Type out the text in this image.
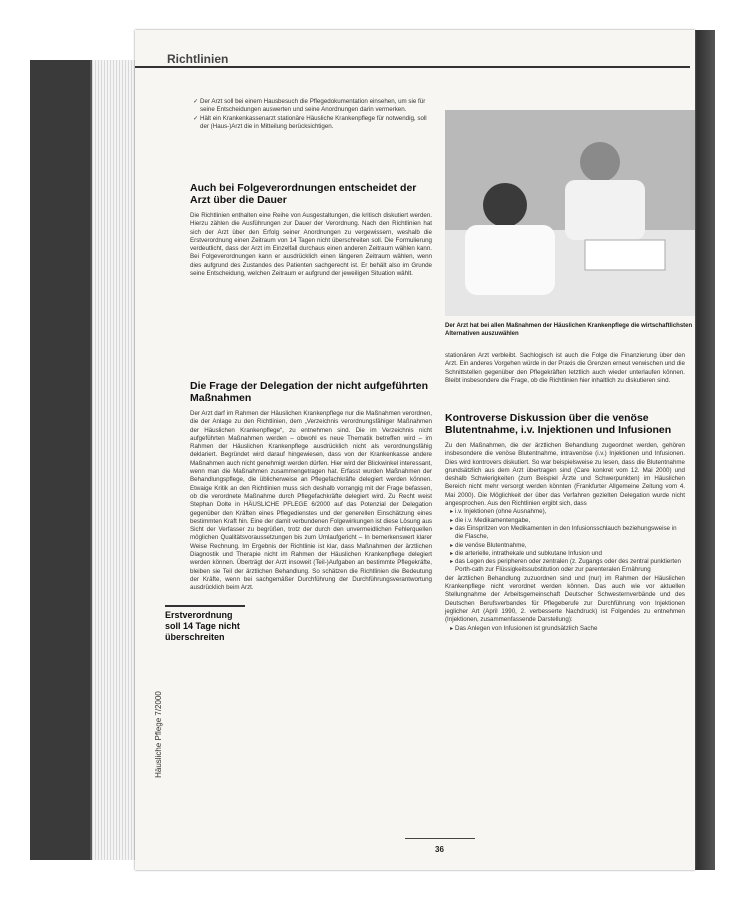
Richtlinien
✓ Der Arzt soll bei einem Hausbesuch die Pflegedokumentation einsehen, um sie für seine Entscheidungen auswerten und seine Anordnungen darin vermerken.
✓ Hält ein Krankenkassenarzt stationäre Häusliche Krankenpflege für notwendig, soll der (Haus-)Arzt die in Mitteilung berücksichtigen.
Auch bei Folgeverordnungen entscheidet der Arzt über die Dauer

Die Richtlinien enthalten eine Reihe von Ausgestaltungen, die kritisch diskutiert werden. Hierzu zählen die Ausführungen zur Dauer der Verordnung. Nach den Richtlinien hat sich der Arzt über den Erfolg seiner Anordnungen zu vergewissern, weshalb die Erstverordnung einen Zeitraum von 14 Tagen nicht überschreiten soll. Die Formulierung verdeutlicht, dass der Arzt im Einzelfall durchaus einen anderen Zeitraum wählen kann. Bei Folgeverordnungen kann er ausdrücklich einen längeren Zeitraum wählen, wenn dies aufgrund des Zustandes des Patienten sachgerecht ist. Er behält also im Grunde seine Entscheidung, welchen Zeitraum er aufgrund der jeweiligen Situation wählt.

Die Frage der Delegation der nicht aufgeführten Maßnahmen

Der Arzt darf im Rahmen der Häuslichen Krankenpflege nur die Maßnahmen verordnen, die der Anlage zu den Richtlinien, dem „Verzeichnis verordnungsfähiger Maßnahmen der Häuslichen Krankenpflege“, zu entnehmen sind. Die im Verzeichnis nicht aufgeführten Maßnahmen werden – obwohl es neue Thematik betreffen wird – im Rahmen der Häuslichen Krankenpflege ausdrücklich nicht als verordnungsfähig deklariert. Begründet wird darauf hingewiesen, dass von der Krankenkasse andere Maßnahmen auch nicht genehmigt werden dürfen. Hier wird der Blickwinkel interessant, wenn man die Maßnahmen zusammengetragen hat. Erfasst wurden Maßnahmen der Behandlungspflege, die üblicherweise an Pflegefachkräfte delegiert werden können. Etwaige Kritik an den Richtlinien muss sich deshalb vorrangig mit der Frage befassen, ob die verordnete Maßnahme durch Pflegefachkräfte delegiert wird. Zu Recht weist Stephan Dolte in HÄUSLICHE PFLEGE 6/2000 auf das Potenzial der Delegation gegenüber den Kräften eines Pflegedienstes und der generellen Einschätzung eines bestimmten Kraft hin. Eine der damit verbundenen Folgewirkungen ist diese Lösung aus Sicht der Verfasser zu begrüßen, trotz der durch den unvermeidlichen Fehlerquellen möglichen Qualitätsvoraussetzungen bis zum Umlaufgericht – In bemerkenswert klarer Weise Rechnung. Im Ergebnis der Richtlinie ist klar, dass Maßnahmen der ärztlichen Diagnostik und Therapie nicht im Rahmen der Häuslichen Krankenpflege delegiert werden können. Überträgt der Arzt insoweit (Teil-)Aufgaben an bestimmte Pflegekräfte, bleiben sie Teil der ärztlichen Behandlung. So schätzen die Richtlinien die Bedeutung der Kräfte, wenn bei sachgemäßer Durchführung der Durchführungsverantwortung ausdrücklich beim Arzt.

Erstverordnung soll 14 Tage nicht überschreiten
Häusliche Pflege 7/2000
Der Arzt hat bei allen Maßnahmen der Häuslichen Krankenpflege die wirtschaftlichsten Alternativen auszuwählen

stationären Arzt verbleibt. Sachlogisch ist auch die Folge die Finanzierung über den Arzt. Ein anderes Vorgehen würde in der Praxis die Grenzen erneut verwischen und die Schnittstellen gegenüber den Pflegekräften letztlich auch wieder unterlaufen können. Bleibt insbesondere die Frage, ob die Richtlinien hier inhaltlich zu diskutieren sind.

Kontroverse Diskussion über die venöse Blutentnahme, i.v. Injektionen und Infusionen

Zu den Maßnahmen, die der ärztlichen Behandlung zugeordnet werden, gehören insbesondere die venöse Blutentnahme, intravenöse (i.v.) Injektionen und Infusionen. Dies wird kontrovers diskutiert. So war beispielsweise zu lesen, dass die Blutentnahme grundsätzlich aus dem Arzt übertragen sind (Care konkret vom 12. Mai 2000) und deshalb Schwierigkeiten (zum Beispiel Ärzte und Schwerpunkten) im Häuslichen Bereich nicht mehr versorgt werden könnten (Frankfurter Allgemeine Zeitung vom 4. Mai 2000). Die Möglichkeit der über das Verfahren gezielten Delegation wurde nicht angesprochen. Aus den Richtlinien ergibt sich, dass

▸ i.v. Injektionen (ohne Ausnahme),
▸ die i.v. Medikamentengabe,
▸ das Einspritzen von Medikamenten in den Infusionsschlauch beziehungsweise in die Flasche,
▸ die venöse Blutentnahme,
▸ die arterielle, intrathekale und subkutane Infusion und
▸ das Legen des peripheren oder zentralen (z. Zugangs oder des zentral punktierten Porth-cath zur Flüssigkeitssubstitution oder zur parenteralen Ernährung

der ärztlichen Behandlung zuzuordnen sind und (nur) im Rahmen der Häuslichen Krankenpflege nicht verordnet werden können. Das auch wie vor aktuellen Stellungnahme der Arbeitsgemeinschaft Deutscher Schwesternverbände und des Deutschen Berufsverbandes für Pflegeberufe zur Durchführung von Injektionen jeglicher Art (April 1990, 2. verbesserte Nachdruck) ist Folgendes zu entnehmen (Injektionen, zusammenfassende Darstellung):

▸ Das Anlegen von Infusionen ist grundsätzlich Sache
36
